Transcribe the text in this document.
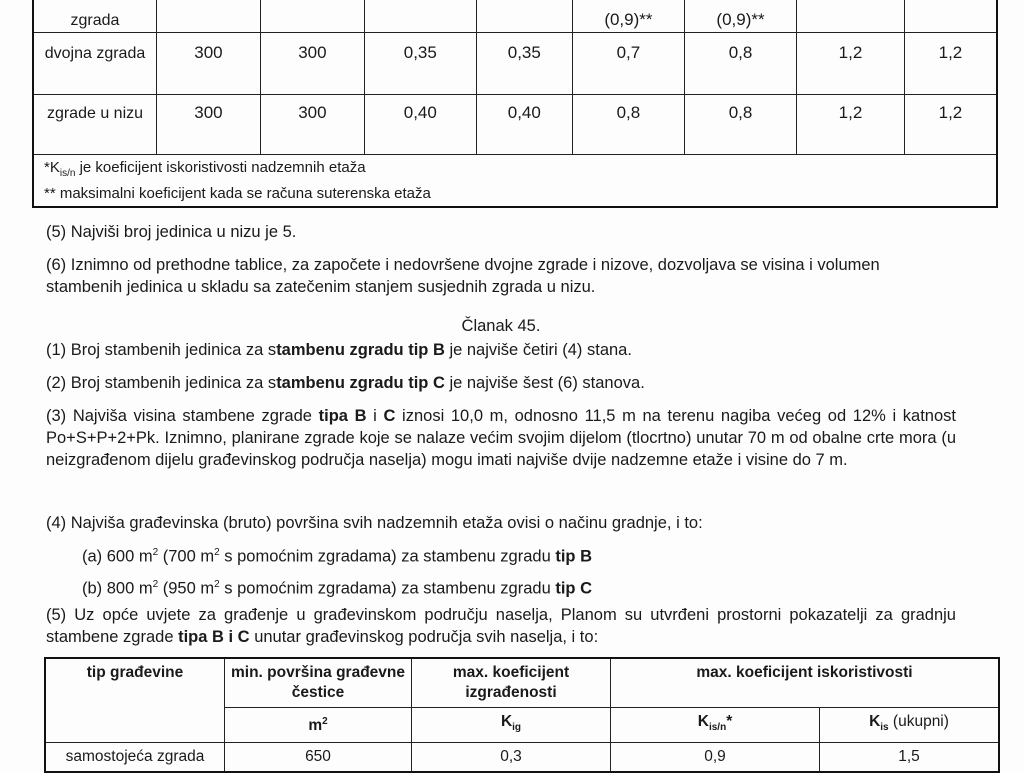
zgrada					(0,9)**	(0,9)**		
dvojna zgrada	300	300	0,35	0,35	0,7	0,8	1,2	1,2
zgrade u nizu	300	300	0,40	0,40	0,8	0,8	1,2	1,2

$*K_{is/n}$ je koeficijent iskoristivosti nadzemnih etaža
** maksimalni koeficijent kada se računa suterenska etaža								
(5) Najviši broj jedinica u nizu je 5.
(6) Iznimno od prethodne tablice, za započete i nedovršene dvojne zgrade i nizove, dozvoljava se visina i volumen stambenih jedinica u skladu sa zatečenim stanjem susjednih zgrada u nizu.
Članak 45.
(1) Broj stambenih jedinica za stambenu zgradu tip B je najviše četiri (4) stana.
(2) Broj stambenih jedinica za stambenu zgradu tip C je najviše šest (6) stanova.
(3) Najviša visina stambene zgrade tipa B i C iznosi 10,0 m, odnosno 11,5 m na terenu nagiba većeg od 12% i katnost Po+S+P+2+Pk. Iznimno, planirane zgrade koje se nalaze većim svojim dijelom (tlocrtno) unutar 70 m od obalne crte mora (u neizgrađenom dijelu građevinskog područja naselja) mogu imati najviše dvije nadzemne etaže i visine do 7 m.
(4) Najviša građevinska (bruto) površina svih nadzemnih etaža ovisi o načinu gradnje, i to:
(a) 600 $m^2$ (700 $m^2$ s pomoćnim zgradama) za stambenu zgradu tip B
(b) 800 $m^2$ (950 $m^2$ s pomoćnim zgradama) za stambenu zgradu tip C
(5) Uz opće uvjete za građenje u građevinskom području naselja, Planom su utvrđeni prostorni pokazatelji za gradnju stambene zgrade tipa B i C unutar građevinskog područja svih naselja, i to:
tip građevine	min. površina građevne čestice	max. koeficijent izgrađenosti	max. koeficijent iskoristivosti	
	$m^2$	$K_{ig}$	$K_{is/n}*$	$K_{is}$ (ukupni)
samostojeća zgrada	650	0,3	0,9	1,5
